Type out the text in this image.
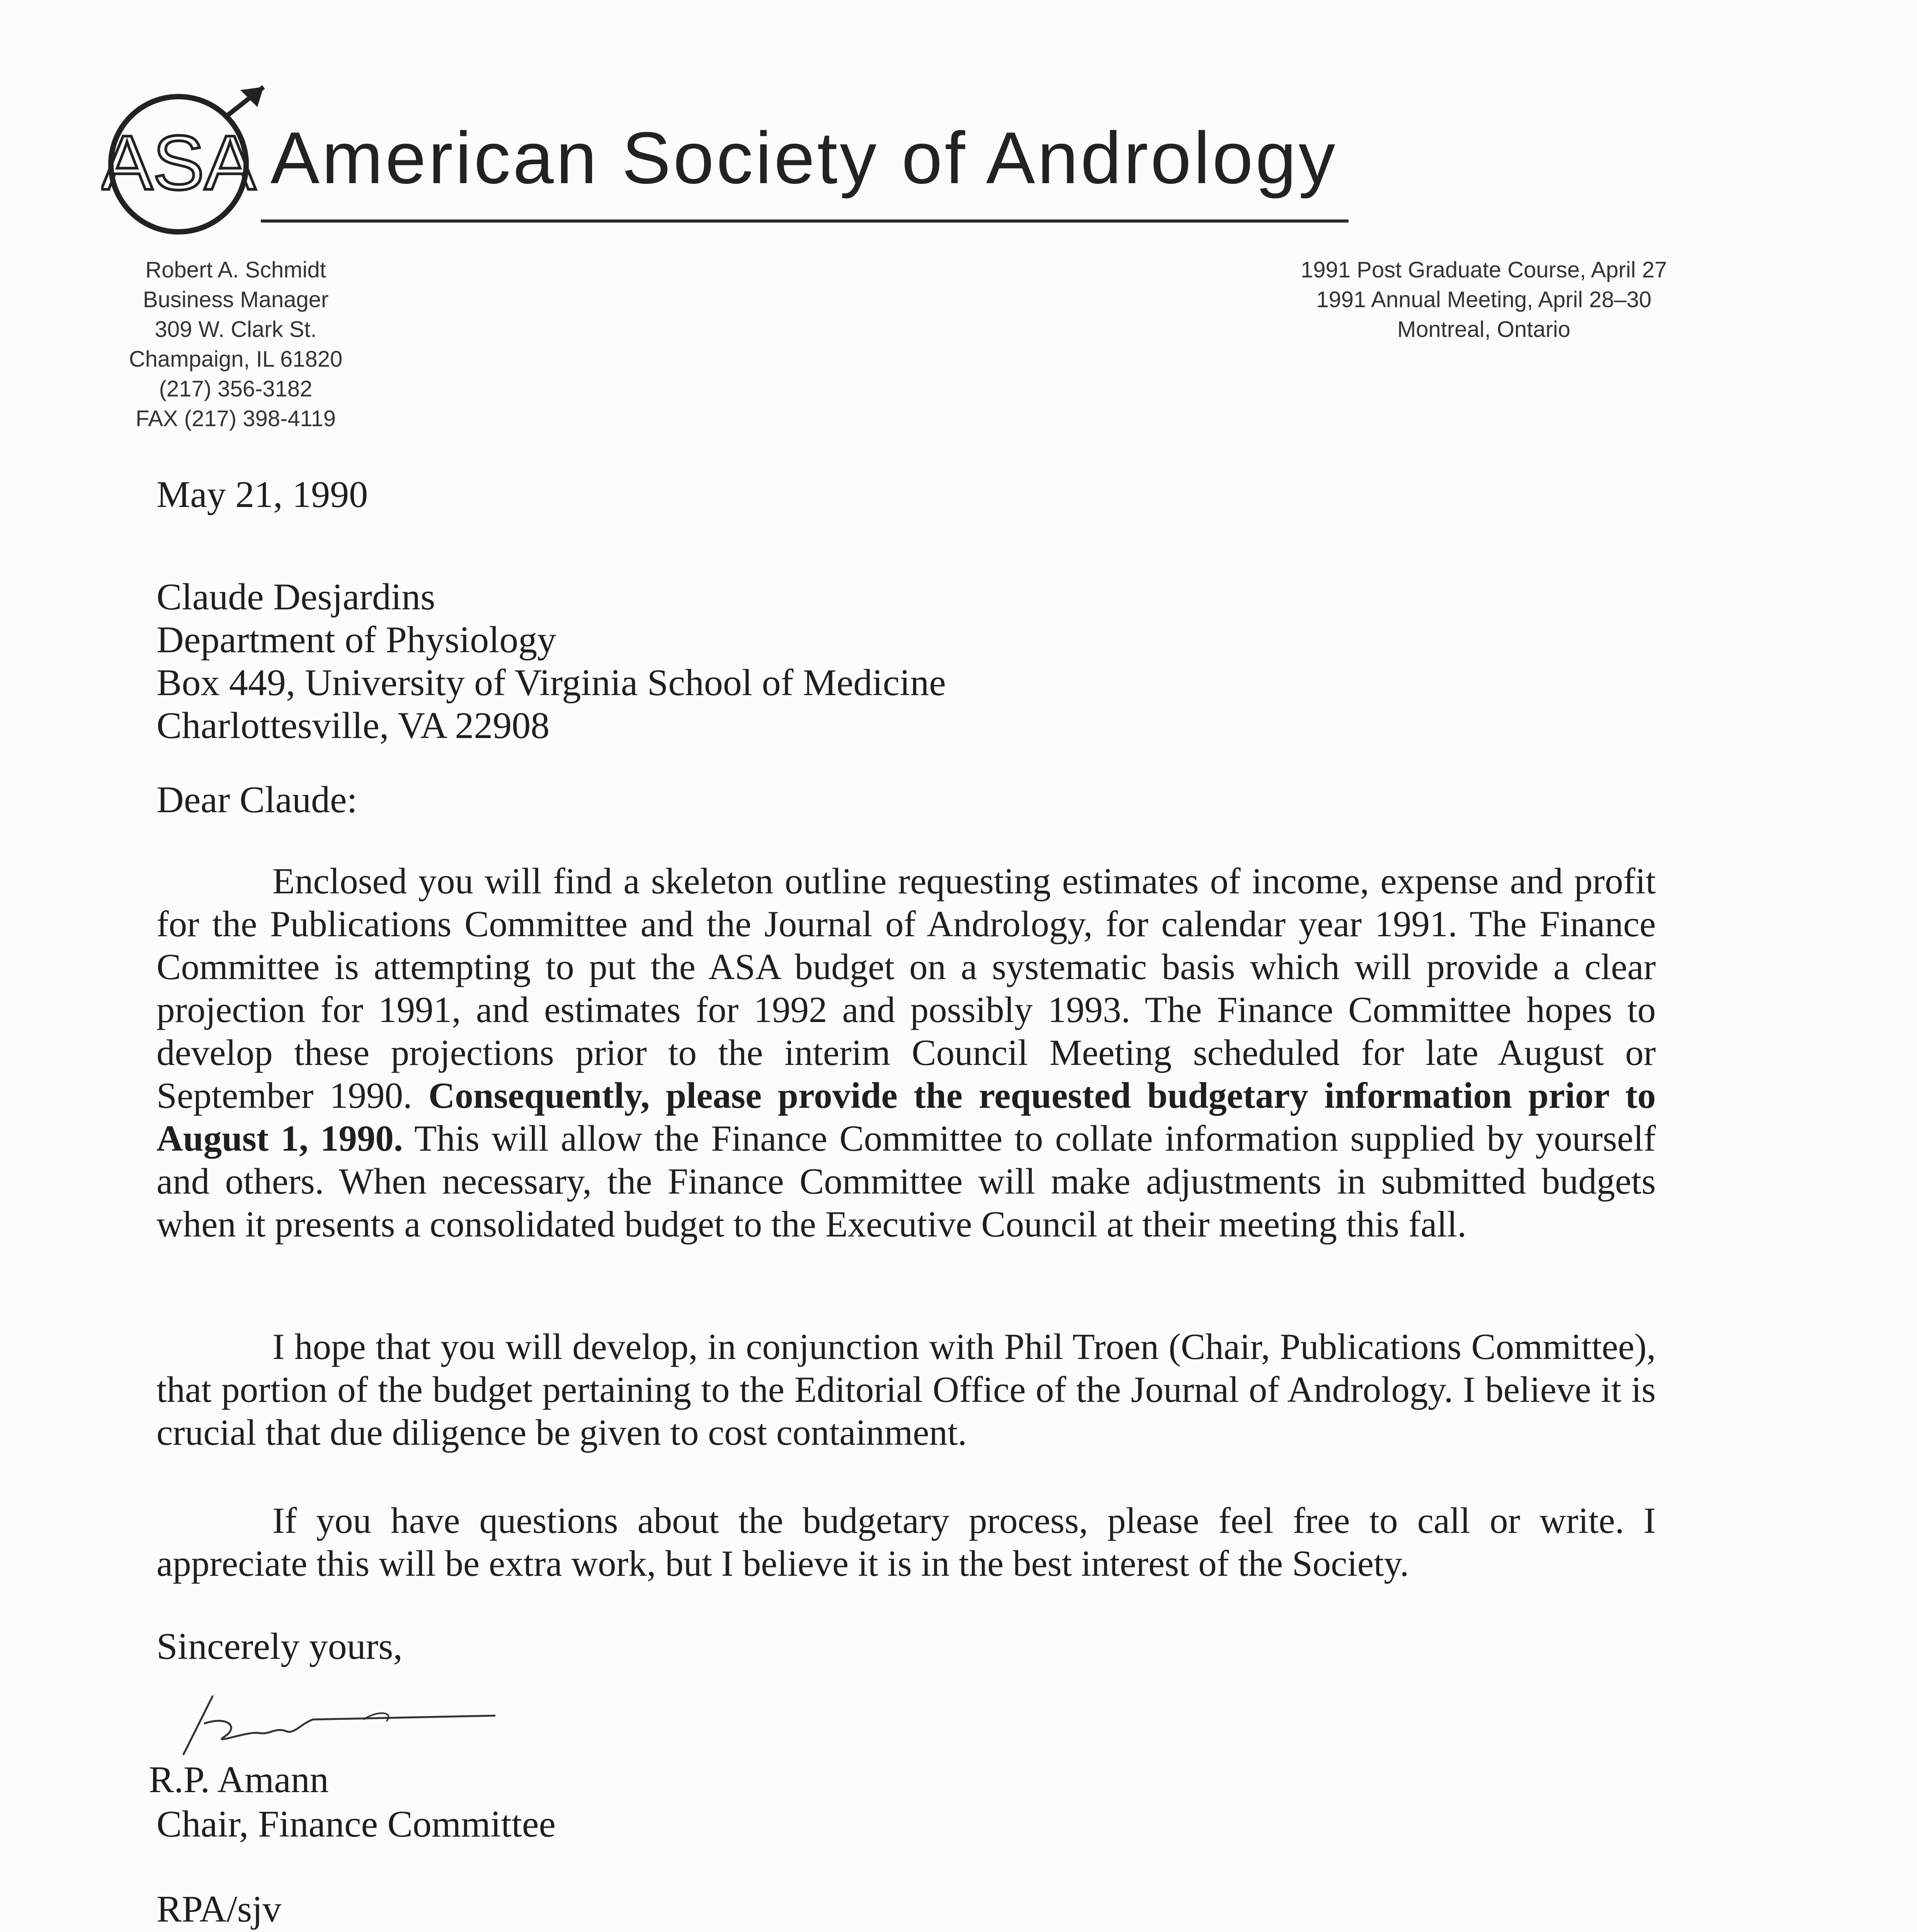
ASA American Society of Andrology
Robert A. Schmidt
Business Manager
309 W. Clark St.
Champaign, IL 61820
(217) 356-3182
FAX (217) 398-4119
1991 Post Graduate Course, April 27
1991 Annual Meeting, April 28–30
Montreal, Ontario
May 21, 1990
Claude Desjardins
Department of Physiology
Box 449, University of Virginia School of Medicine
Charlottesville, VA 22908
Dear Claude:

Enclosed you will find a skeleton outline requesting estimates of income, expense and profit for the Publications Committee and the Journal of Andrology, for calendar year 1991. The Finance Committee is attempting to put the ASA budget on a systematic basis which will provide a clear projection for 1991, and estimates for 1992 and possibly 1993. The Finance Committee hopes to develop these projections prior to the interim Council Meeting scheduled for late August or September 1990. Consequently, please provide the requested budgetary information prior to August 1, 1990. This will allow the Finance Committee to collate information supplied by yourself and others. When necessary, the Finance Committee will make adjustments in submitted budgets when it presents a consolidated budget to the Executive Council at their meeting this fall.

I hope that you will develop, in conjunction with Phil Troen (Chair, Publications Committee), that portion of the budget pertaining to the Editorial Office of the Journal of Andrology. I believe it is crucial that due diligence be given to cost containment.

If you have questions about the budgetary process, please feel free to call or write. I appreciate this will be extra work, but I believe it is in the best interest of the Society.

Sincerely yours,
R.P. Amann
Chair, Finance Committee
RPA/sjv
